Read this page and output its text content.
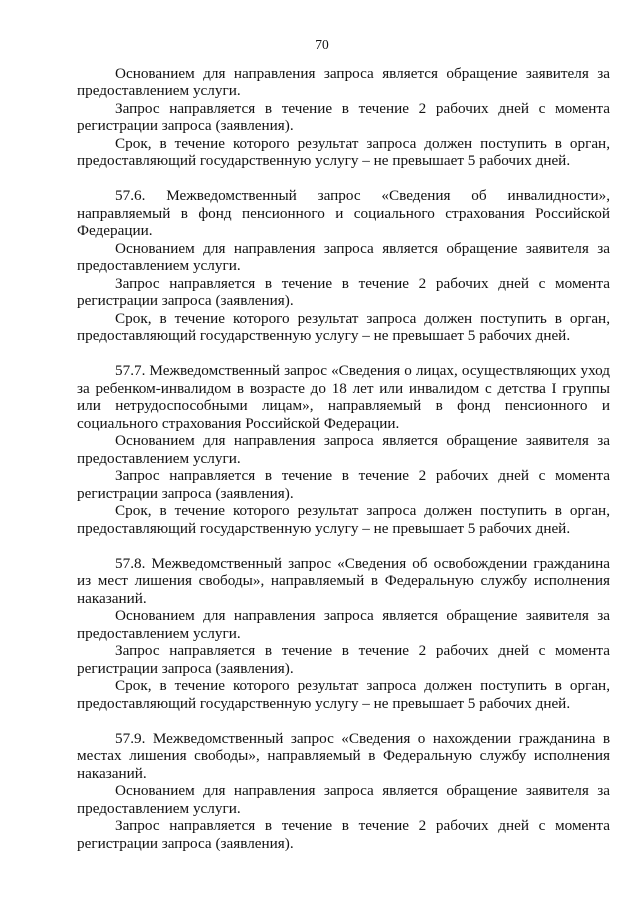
70

Основанием для направления запроса является обращение заявителя за предоставлением услуги.

Запрос направляется в течение в течение 2 рабочих дней с момента регистрации запроса (заявления).

Срок, в течение которого результат запроса должен поступить в орган, предоставляющий государственную услугу – не превышает 5 рабочих дней.

57.6. Межведомственный запрос «Сведения об инвалидности», направляемый в фонд пенсионного и социального страхования Российской Федерации.

Основанием для направления запроса является обращение заявителя за предоставлением услуги.

Запрос направляется в течение в течение 2 рабочих дней с момента регистрации запроса (заявления).

Срок, в течение которого результат запроса должен поступить в орган, предоставляющий государственную услугу – не превышает 5 рабочих дней.

57.7. Межведомственный запрос «Сведения о лицах, осуществляющих уход за ребенком-инвалидом в возрасте до 18 лет или инвалидом с детства I группы или нетрудоспособными лицам», направляемый в фонд пенсионного и социального страхования Российской Федерации.

Основанием для направления запроса является обращение заявителя за предоставлением услуги.

Запрос направляется в течение в течение 2 рабочих дней с момента регистрации запроса (заявления).

Срок, в течение которого результат запроса должен поступить в орган, предоставляющий государственную услугу – не превышает 5 рабочих дней.

57.8. Межведомственный запрос «Сведения об освобождении гражданина из мест лишения свободы», направляемый в Федеральную службу исполнения наказаний.

Основанием для направления запроса является обращение заявителя за предоставлением услуги.

Запрос направляется в течение в течение 2 рабочих дней с момента регистрации запроса (заявления).

Срок, в течение которого результат запроса должен поступить в орган, предоставляющий государственную услугу – не превышает 5 рабочих дней.

57.9. Межведомственный запрос «Сведения о нахождении гражданина в местах лишения свободы», направляемый в Федеральную службу исполнения наказаний.

Основанием для направления запроса является обращение заявителя за предоставлением услуги.

Запрос направляется в течение в течение 2 рабочих дней с момента регистрации запроса (заявления).
